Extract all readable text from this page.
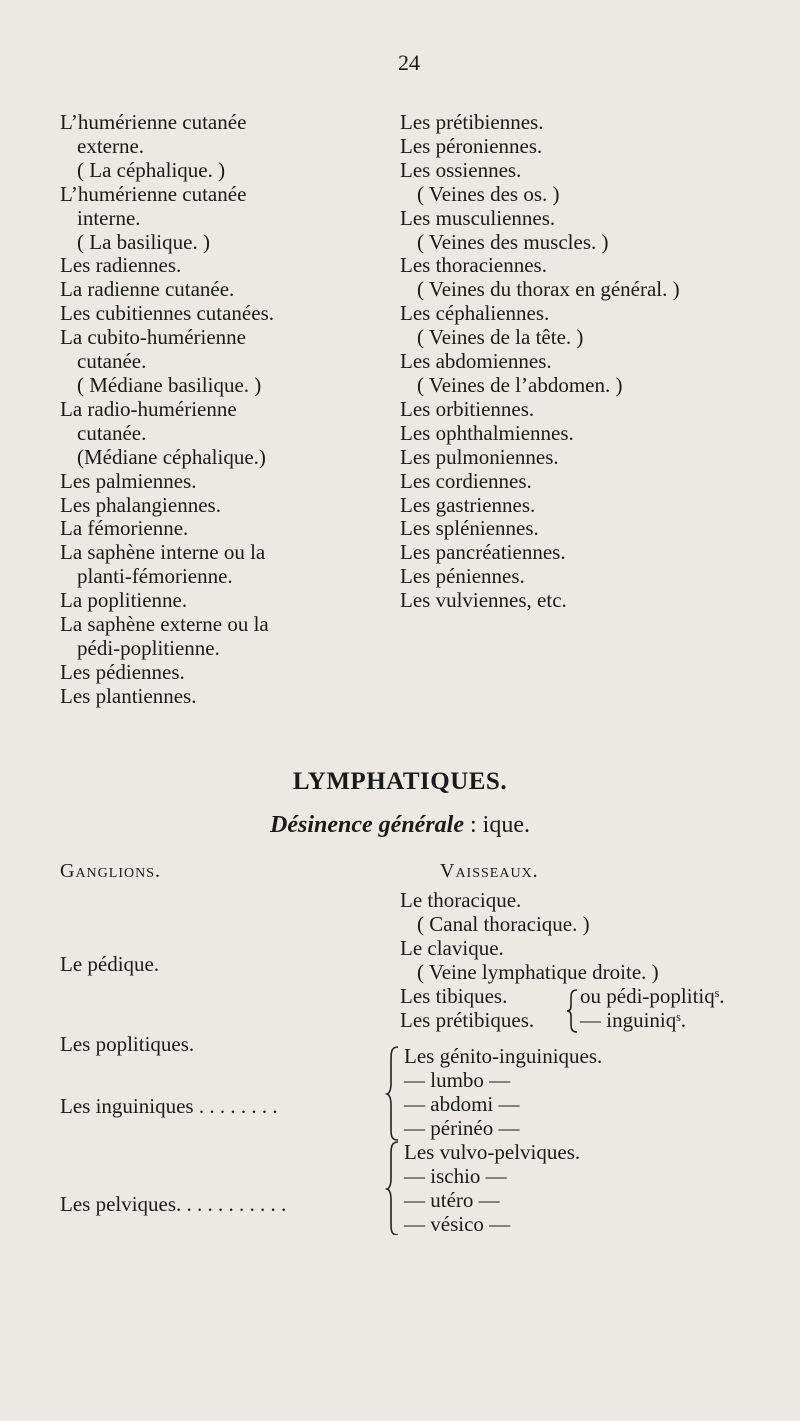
24
L’humérienne cutanée
externe.
( La céphalique. )
L’humérienne cutanée
interne.
( La basilique. )
Les radiennes.
La radienne cutanée.
Les cubitiennes cutanées.
La cubito-humérienne
cutanée.
( Médiane basilique. )
La radio-humérienne
cutanée.
(Médiane céphalique.)
Les palmiennes.
Les phalangiennes.
La fémorienne.
La saphène interne ou la
planti-fémorienne.
La poplitienne.
La saphène externe ou la
pédi-poplitienne.
Les pédiennes.
Les plantiennes.
Les prétibiennes.
Les péroniennes.
Les ossiennes.
( Veines des os. )
Les musculiennes.
( Veines des muscles. )
Les thoraciennes.
( Veines du thorax en général. )
Les céphaliennes.
( Veines de la tête. )
Les abdomiennes.
( Veines de l’abdomen. )
Les orbitiennes.
Les ophthalmiennes.
Les pulmoniennes.
Les cordiennes.
Les gastriennes.
Les spléniennes.
Les pancréatiennes.
Les péniennes.
Les vulviennes, etc.
LYMPHATIQUES.
Désinence générale : ique.
Ganglions.	Vaisseaux.
Le pédique.
Les poplitiques.
Les inguiniques . . . . . . . .
Les pelviques. . . . . . . . . . .
Le thoracique.
( Canal thoracique. )
Le clavique.
( Veine lymphatique droite. )
Les tibiques.
Les prétibiques.
ou pédi-poplitiqˢ.
— inguiniqˢ.
Les génito-inguiniques.
— lumbo —
— abdomi —
— périnéo —
Les vulvo-pelviques.
— ischio —
— utéro —
— vésico —
